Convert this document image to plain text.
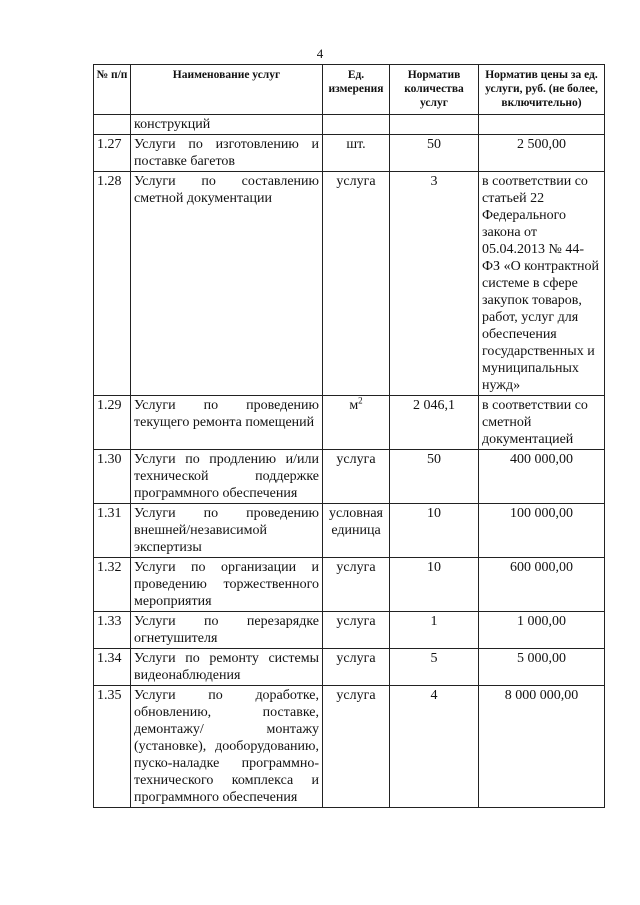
4
№ п/п	Наименование услуг	Ед. измерения	Норматив количества услуг	Норматив цены за ед. услуги, руб. (не более, включительно)
	конструкций			
1.27	Услуги по изготовлению и поставке багетов	шт.	50	2 500,00
1.28	Услуги по составлению сметной документации	услуга	3	в соответствии со статьей 22 Федерального закона от 05.04.2013 № 44-ФЗ «О контрактной системе в сфере закупок товаров, работ, услуг для обеспечения государственных и муниципальных нужд»
1.29	Услуги по проведению текущего ремонта помещений	$м^2$	2 046,1	в соответствии со сметной документацией
1.30	Услуги по продлению и/или технической поддержке программного обеспечения	услуга	50	400 000,00
1.31	Услуги по проведению внешней/независимой экспертизы	условная единица	10	100 000,00
1.32	Услуги по организации и проведению торжественного мероприятия	услуга	10	600 000,00
1.33	Услуги по перезарядке огнетушителя	услуга	1	1 000,00
1.34	Услуги по ремонту системы видеонаблюдения	услуга	5	5 000,00
1.35	Услуги по доработке, обновлению, поставке, демонтажу/ монтажу (установке), дооборудованию, пуско-наладке программно-технического комплекса и программного обеспечения	услуга	4	8 000 000,00
